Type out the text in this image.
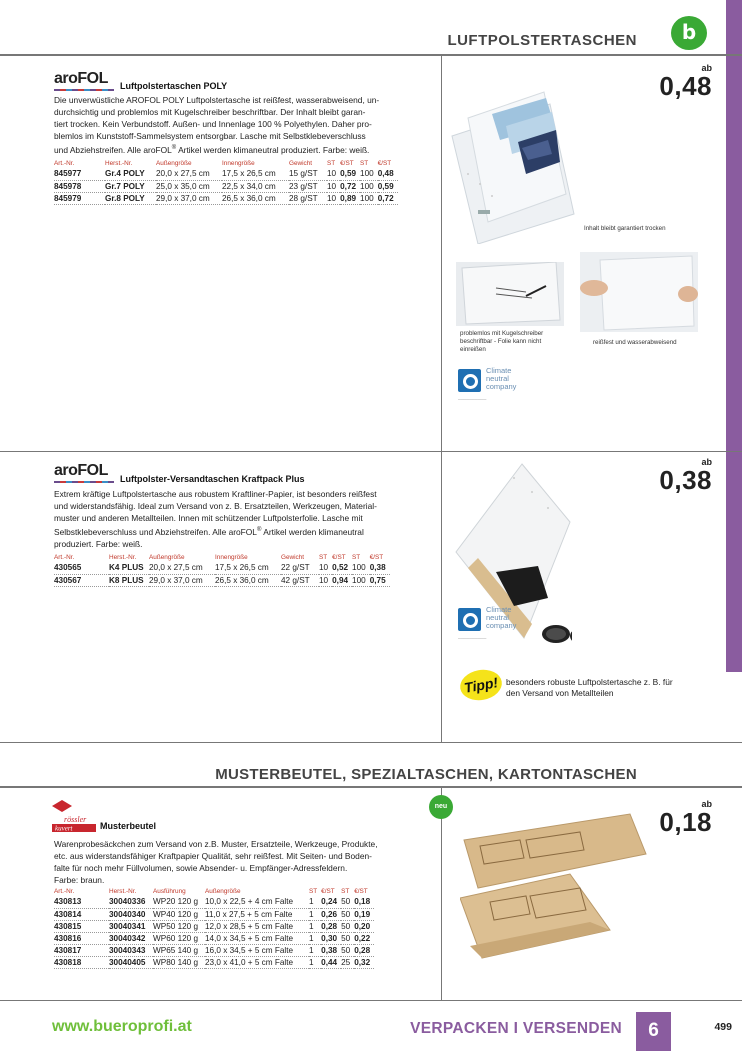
LUFTPOLSTERTASCHEN	b
aroFOL	Luftpolstertaschen POLY
Die unverwüstliche AROFOL POLY Luftpolstertasche ist reißfest, wasserabweisend, un-
durchsichtig und problemlos mit Kugelschreiber beschriftbar. Der Inhalt bleibt garan-
tiert trocken. Kein Verbundstoff. Außen- und Innenlage 100 % Polyethylen. Daher pro-
blemlos im Kunststoff-Sammelsystem entsorgbar. Lasche mit Selbstklebeverschluss
und Abziehstreifen. Alle aroFOL® Artikel werden klimaneutral produziert. Farbe: weiß.
Art.-Nr.	Herst.-Nr.	Außengröße	Innengröße	Gewicht	ST	€/ST	ST	€/ST
845977	Gr.4 POLY	20,0 x 27,5 cm	17,5 x 26,5 cm	15 g/ST	10	0,59	100	0,48
845978	Gr.7 POLY	25,0 x 35,0 cm	22,5 x 34,0 cm	23 g/ST	10	0,72	100	0,59
845979	Gr.8 POLY	29,0 x 37,0 cm	26,5 x 36,0 cm	28 g/ST	10	0,89	100	0,72
ab
0,48
Inhalt bleibt garantiert trocken
problemlos mit Kugelschreiber
beschriftbar - Folie kann nicht
einreißen
reißfest und wasserabweisend
Climate
neutral
company
──────────
aroFOL	Luftpolster-Versandtaschen Kraftpack Plus
Extrem kräftige Luftpolstertasche aus robustem Kraftliner-Papier, ist besonders reißfest
und widerstandsfähig. Ideal zum Versand von z. B. Ersatzteilen, Werkzeugen, Material-
muster und anderen Metallteilen. Innen mit schützender Luftpolsterfolie. Lasche mit
Selbstklebeverschluss und Abziehstreifen. Alle aroFOL® Artikel werden klimaneutral
produziert. Farbe: weiß.
Art.-Nr.	Herst.-Nr.	Außengröße	Innengröße	Gewicht	ST	€/ST	ST	€/ST
430565	K4 PLUS	20,0 x 27,5 cm	17,5 x 26,5 cm	22 g/ST	10	0,52	100	0,38
430567	K8 PLUS	29,0 x 37,0 cm	26,5 x 36,0 cm	42 g/ST	10	0,94	100	0,75
ab
0,38
Climate
neutral
company
──────────
Tipp! besonders robuste Luftpolstertasche z. B. für
den Versand von Metallteilen
MUSTERBEUTEL, SPEZIALTASCHEN, KARTONTASCHEN
rössler
kuvert	Musterbeutel
Warenprobesäckchen zum Versand von z.B. Muster, Ersatzteile, Werkzeuge, Produkte,
etc. aus widerstandsfähiger Kraftpapier Qualität, sehr reißfest. Mit Seiten- und Boden-
falte für noch mehr Füllvolumen, sowie Absender- u. Empfänger-Adressfeldern.
Farbe: braun.
Art.-Nr.	Herst.-Nr.	Ausführung	Außengröße	ST	€/ST	ST	€/ST
430813	30040336	WP20 120 g	10,0 x 22,5 + 4 cm Falte	1	0,24	50	0,18
430814	30040340	WP40 120 g	11,0 x 27,5 + 5 cm Falte	1	0,26	50	0,19
430815	30040341	WP50 120 g	12,0 x 28,5 + 5 cm Falte	1	0,28	50	0,20
430816	30040342	WP60 120 g	14,0 x 34,5 + 5 cm Falte	1	0,30	50	0,22
430817	30040343	WP65 140 g	16,0 x 34,5 + 5 cm Falte	1	0,38	50	0,28
430818	30040405	WP80 140 g	23,0 x 41,0 + 5 cm Falte	1	0,44	25	0,32
neu	ab
0,18
www.bueroprofi.at	VERPACKEN I VERSENDEN	6	499
